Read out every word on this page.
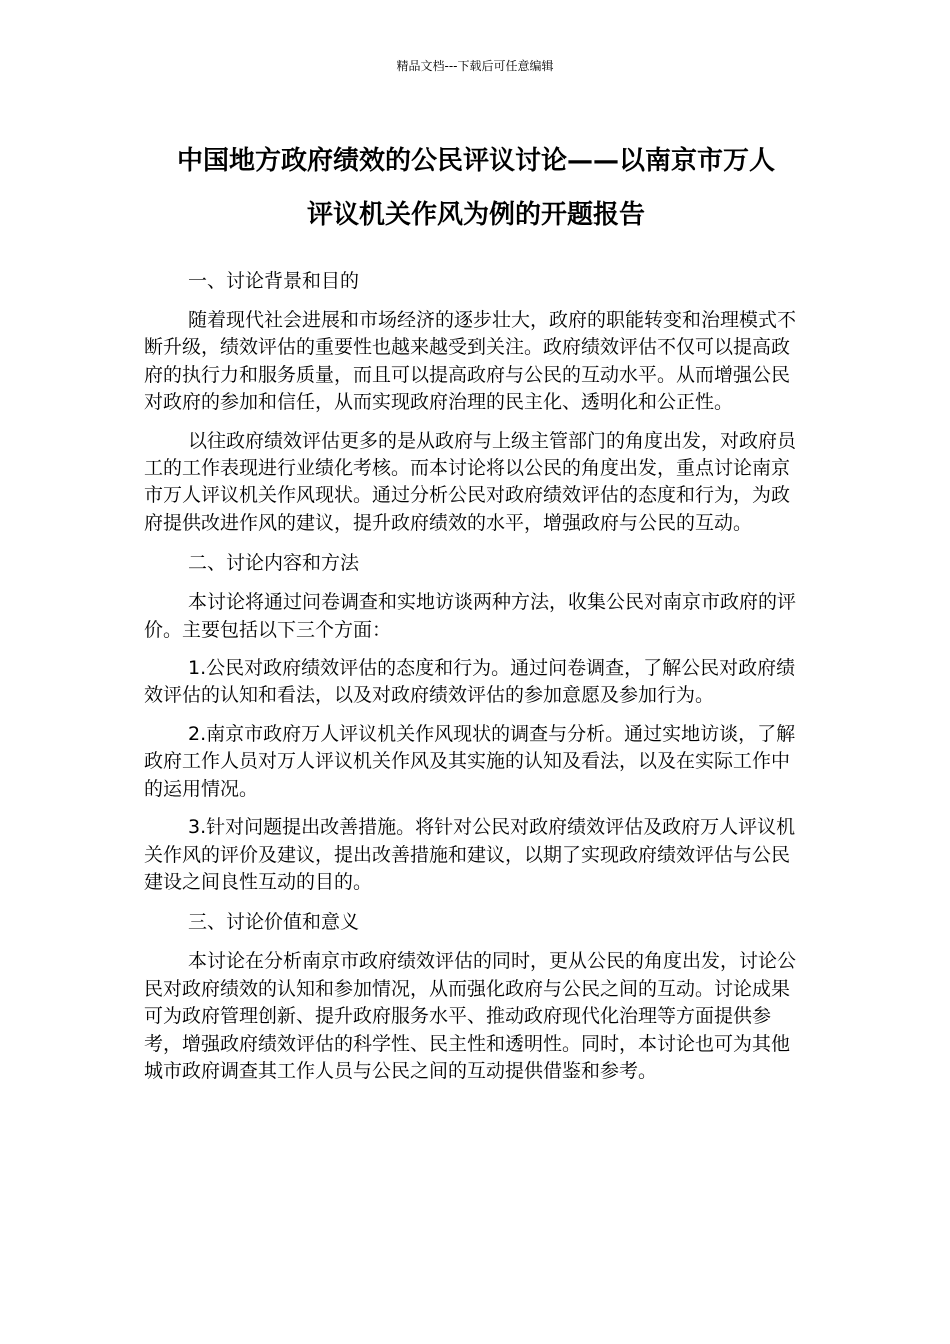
精品文档---下载后可任意编辑
中国地方政府绩效的公民评议讨论——以南京市万人
评议机关作风为例的开题报告

一、讨论背景和目的

随着现代社会进展和市场经济的逐步壮大，政府的职能转变和治理模式不断升级，绩效评估的重要性也越来越受到关注。政府绩效评估不仅可以提高政府的执行力和服务质量，而且可以提高政府与公民的互动水平。从而增强公民对政府的参加和信任，从而实现政府治理的民主化、透明化和公正性。

以往政府绩效评估更多的是从政府与上级主管部门的角度出发，对政府员工的工作表现进行业绩化考核。而本讨论将以公民的角度出发，重点讨论南京市万人评议机关作风现状。通过分析公民对政府绩效评估的态度和行为，为政府提供改进作风的建议，提升政府绩效的水平，增强政府与公民的互动。

二、讨论内容和方法

本讨论将通过问卷调查和实地访谈两种方法，收集公民对南京市政府的评价。主要包括以下三个方面：

1.公民对政府绩效评估的态度和行为。通过问卷调查，了解公民对政府绩效评估的认知和看法，以及对政府绩效评估的参加意愿及参加行为。

2.南京市政府万人评议机关作风现状的调查与分析。通过实地访谈，了解政府工作人员对万人评议机关作风及其实施的认知及看法，以及在实际工作中的运用情况。

3.针对问题提出改善措施。将针对公民对政府绩效评估及政府万人评议机关作风的评价及建议，提出改善措施和建议，以期了实现政府绩效评估与公民建设之间良性互动的目的。

三、讨论价值和意义

本讨论在分析南京市政府绩效评估的同时，更从公民的角度出发，讨论公民对政府绩效的认知和参加情况，从而强化政府与公民之间的互动。讨论成果可为政府管理创新、提升政府服务水平、推动政府现代化治理等方面提供参考，增强政府绩效评估的科学性、民主性和透明性。同时，本讨论也可为其他城市政府调查其工作人员与公民之间的互动提供借鉴和参考。
